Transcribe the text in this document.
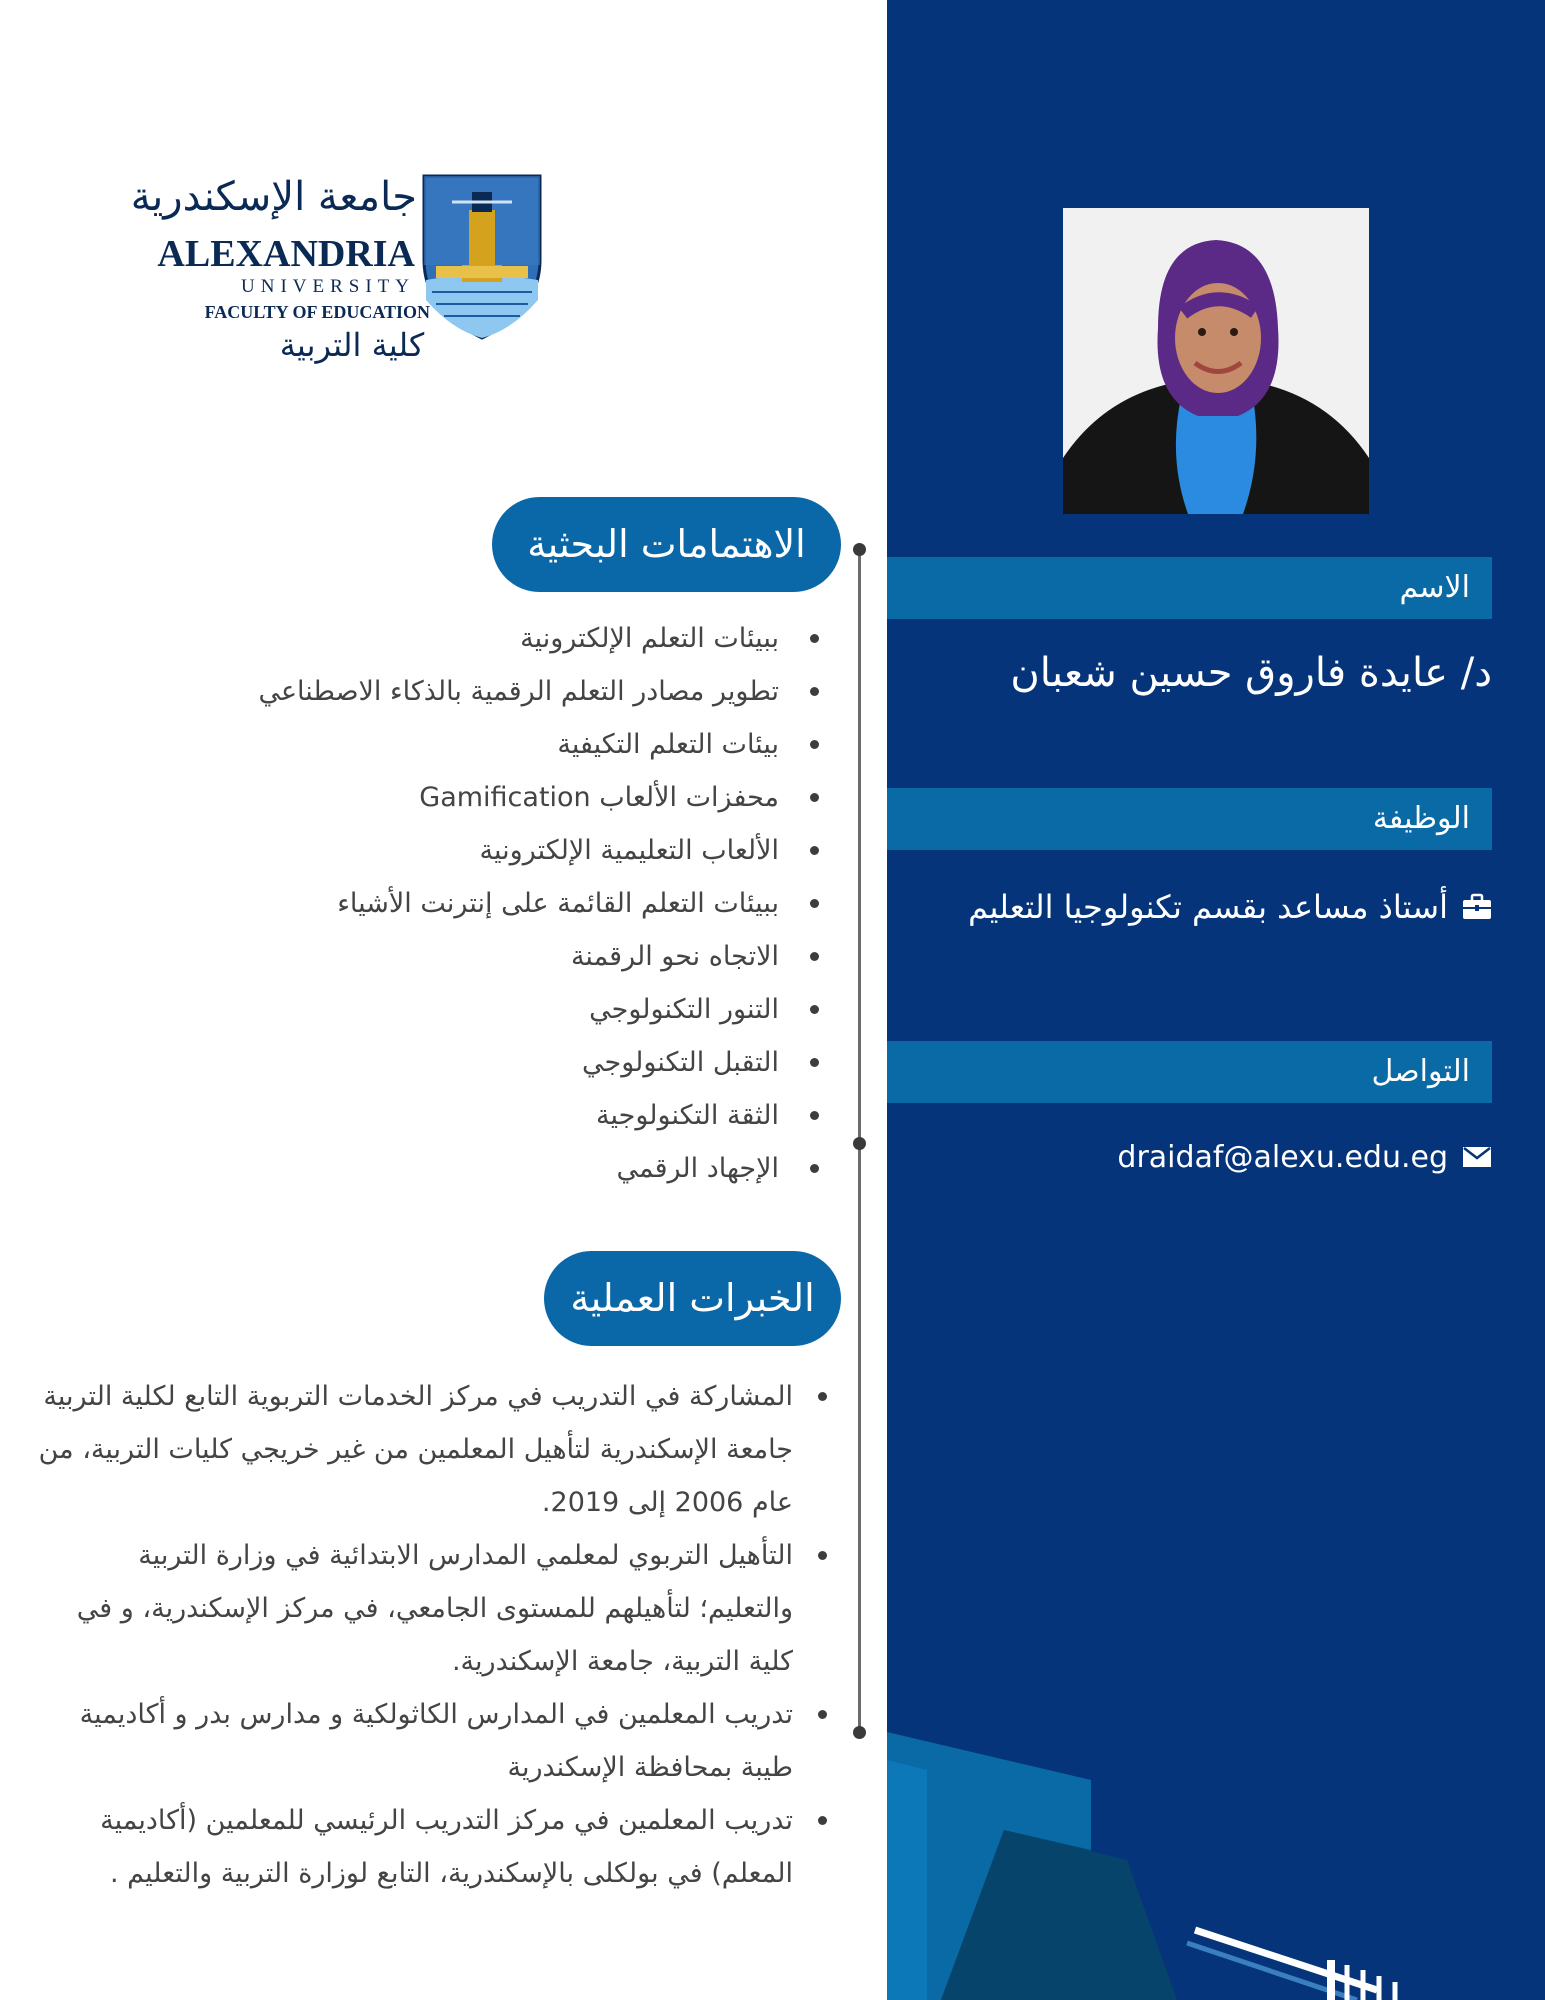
الاسم
د/ عايدة فاروق حسين شعبان
الوظيفة
أستاذ مساعد بقسم تكنولوجيا التعليم
التواصل
draidaf@alexu.edu.eg
جامعة الإسكندرية
ALEXANDRIA
UNIVERSITY
FACULTY OF EDUCATION
كلية التربية
الاهتمامات البحثية
ببيئات التعلم الإلكترونية
تطوير مصادر التعلم الرقمية بالذكاء الاصطناعي
بيئات التعلم التكيفية
محفزات الألعاب Gamification
الألعاب التعليمية الإلكترونية
ببيئات التعلم القائمة على إنترنت الأشياء
الاتجاه نحو الرقمنة
التنور التكنولوجي
التقبل التكنولوجي
الثقة التكنولوجية
الإجهاد الرقمي
الخبرات العملية
المشاركة في التدريب في مركز الخدمات التربوية التابع لكلية التربية جامعة الإسكندرية لتأهيل المعلمين من غير خريجي كليات التربية، من عام 2006 إلى 2019.
التأهيل التربوي لمعلمي المدارس الابتدائية في وزارة التربية والتعليم؛ لتأهيلهم للمستوى الجامعي، في مركز الإسكندرية، و في كلية التربية، جامعة الإسكندرية.
تدريب المعلمين في المدارس الكاثولكية و مدارس بدر و أكاديمية طيبة بمحافظة الإسكندرية
تدريب المعلمين في مركز التدريب الرئيسي للمعلمين (أكاديمية المعلم) في بولكلى بالإسكندرية، التابع لوزارة التربية والتعليم .
